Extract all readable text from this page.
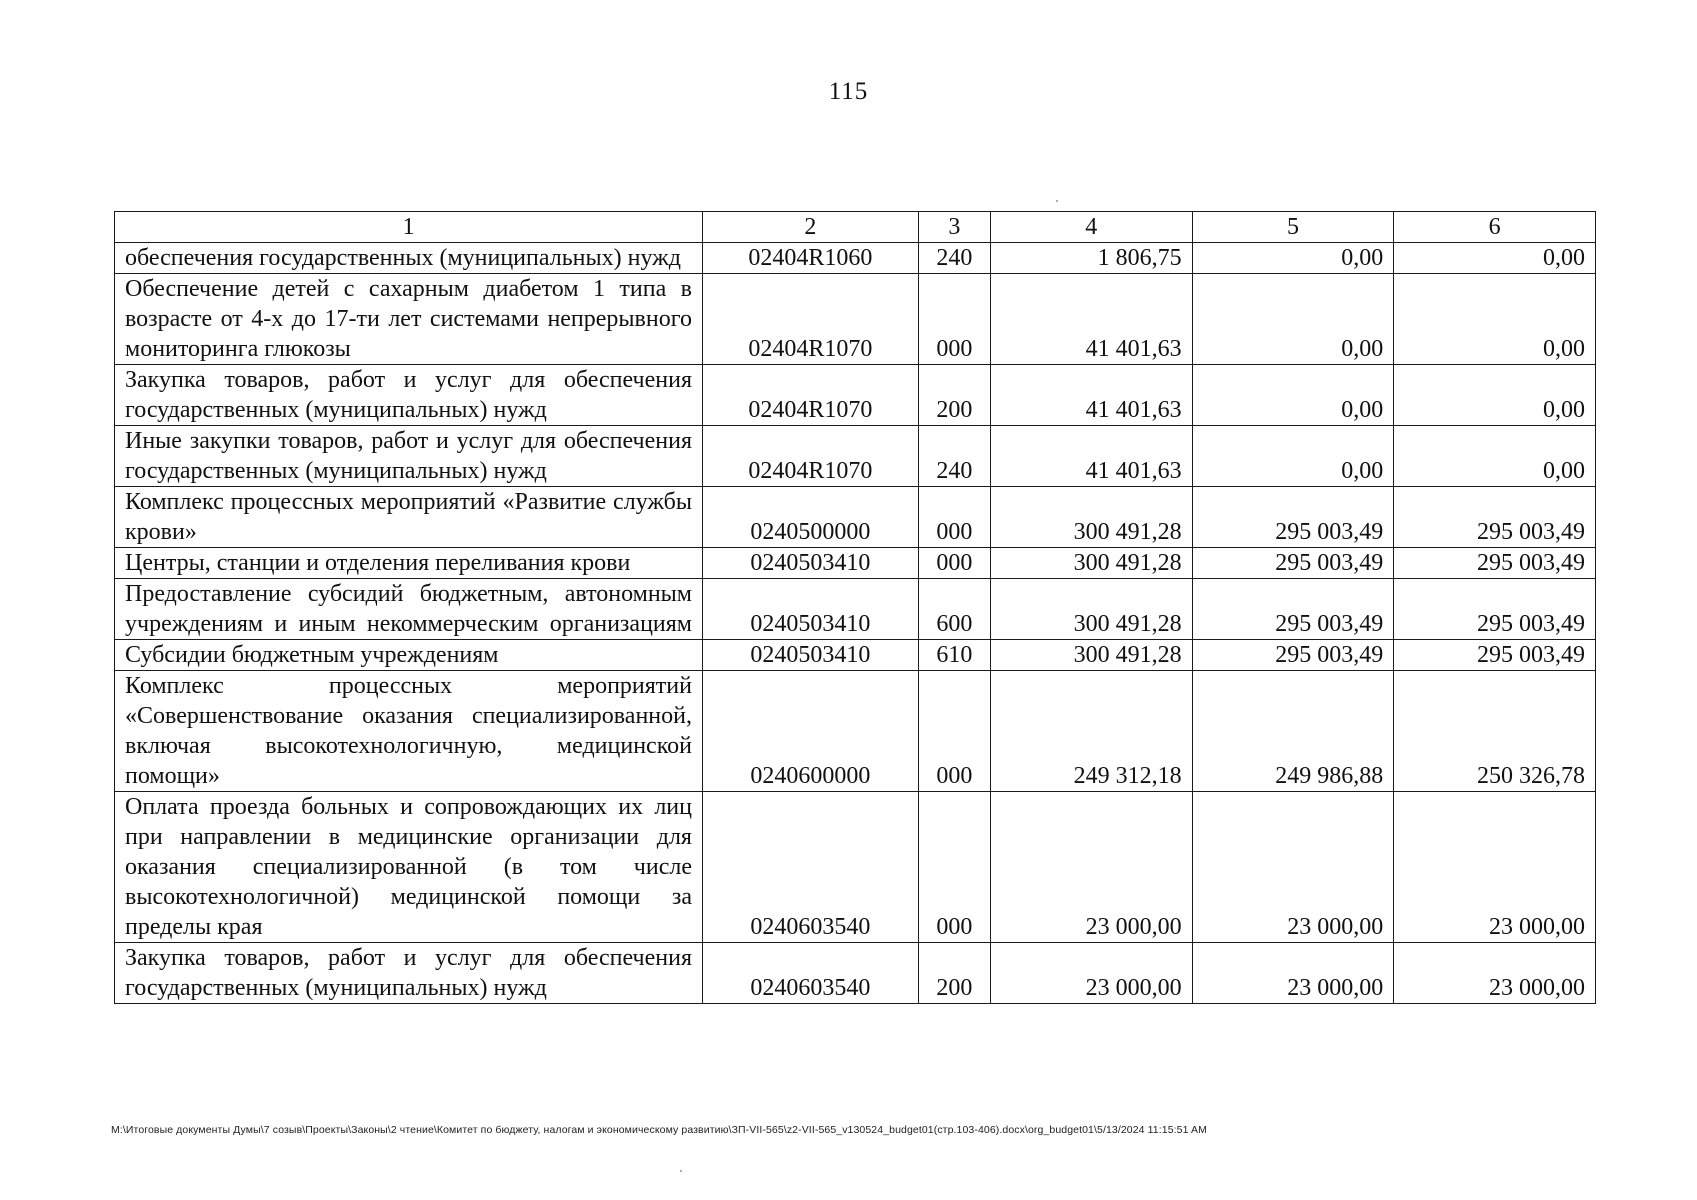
115
1	2	3	4	5	6
обеспечения государственных (муниципальных) нужд	02404R1060	240	1 806,75	0,00	0,00
Обеспечение детей с сахарным диабетом 1 типа в возрасте от 4-х до 17-ти лет системами непрерывного мониторинга глюкозы	02404R1070	000	41 401,63	0,00	0,00
Закупка товаров, работ и услуг для обеспечения государственных (муниципальных) нужд	02404R1070	200	41 401,63	0,00	0,00
Иные закупки товаров, работ и услуг для обеспечения государственных (муниципальных) нужд	02404R1070	240	41 401,63	0,00	0,00
Комплекс процессных мероприятий «Развитие службы крови»	0240500000	000	300 491,28	295 003,49	295 003,49
Центры, станции и отделения переливания крови	0240503410	000	300 491,28	295 003,49	295 003,49
Предоставление субсидий бюджетным, автономным учреждениям и иным некоммерческим организациям	0240503410	600	300 491,28	295 003,49	295 003,49
Субсидии бюджетным учреждениям	0240503410	610	300 491,28	295 003,49	295 003,49
Комплекс процессных мероприятий «Совершенствование оказания специализированной, включая высокотехнологичную, медицинской помощи»	0240600000	000	249 312,18	249 986,88	250 326,78
Оплата проезда больных и сопровождающих их лиц при направлении в медицинские организации для оказания специализированной (в том числе высокотехнологичной) медицинской помощи за пределы края	0240603540	000	23 000,00	23 000,00	23 000,00
Закупка товаров, работ и услуг для обеспечения государственных (муниципальных) нужд	0240603540	200	23 000,00	23 000,00	23 000,00
M:\Итоговые документы Думы\7 созыв\Проекты\Законы\2 чтение\Комитет по бюджету, налогам и экономическому развитию\ЗП-VII-565\z2-VII-565_v130524_budget01(стр.103-406).docx\org_budget01\5/13/2024 11:15:51 AM
